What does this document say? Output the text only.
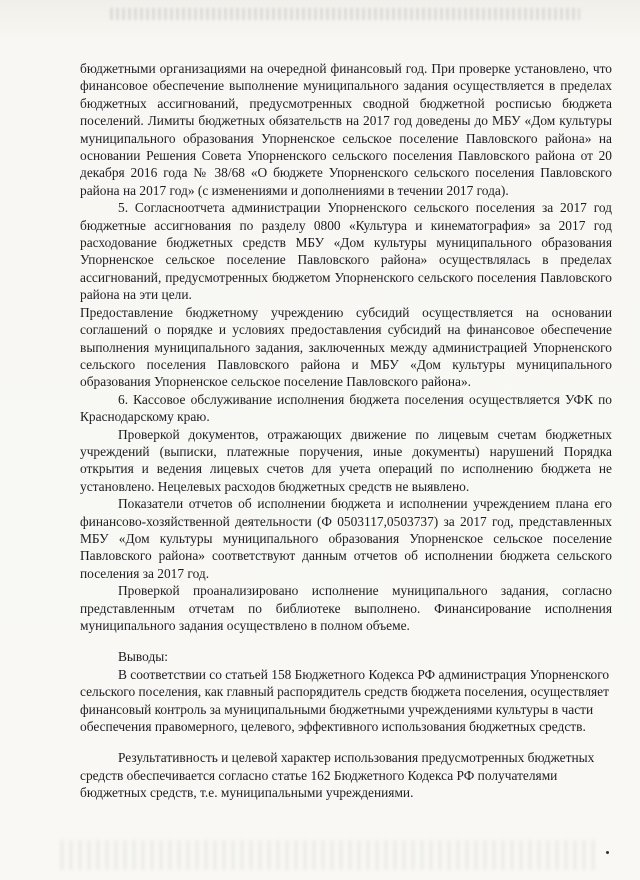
бюджетными организациями на очередной финансовый год. При проверке установлено, что финансовое обеспечение выполнение муниципального задания осуществляется в пределах бюджетных ассигнований, предусмотренных сводной бюджетной росписью бюджета поселений. Лимиты бюджетных обязательств на 2017 год доведены до МБУ «Дом культуры муниципального образования Упорненское сельское поселение Павловского района» на основании Решения Совета Упорненского сельского поселения Павловского района от 20 декабря 2016 года № 38/68 «О бюджете Упорненского сельского поселения Павловского района на 2017 год» (с изменениями и дополнениями в течении 2017 года).

5. Согласноотчета администрации Упорненского сельского поселения за 2017 год бюджетные ассигнования по разделу 0800 «Культура и кинематография» за 2017 год расходование бюджетных средств МБУ «Дом культуры муниципального образования Упорненское сельское поселение Павловского района» осуществлялась в пределах ассигнований, предусмотренных бюджетом Упорненского сельского поселения Павловского района на эти цели.

Предоставление бюджетному учреждению субсидий осуществляется на основании соглашений о порядке и условиях предоставления субсидий на финансовое обеспечение выполнения муниципального задания, заключенных между администрацией Упорненского сельского поселения Павловского района и МБУ «Дом культуры муниципального образования Упорненское сельское поселение Павловского района».

6. Кассовое обслуживание исполнения бюджета поселения осуществляется УФК по Краснодарскому краю.

Проверкой документов, отражающих движение по лицевым счетам бюджетных учреждений (выписки, платежные поручения, иные документы) нарушений Порядка открытия и ведения лицевых счетов для учета операций по исполнению бюджета не установлено. Нецелевых расходов бюджетных средств не выявлено.

Показатели отчетов об исполнении бюджета и исполнении учреждением плана его финансово-хозяйственной деятельности (Ф 0503117,0503737) за 2017 год, представленных МБУ «Дом культуры муниципального образования Упорненское сельское поселение Павловского района» соответствуют данным отчетов об исполнении бюджета сельского поселения за 2017 год.

Проверкой проанализировано исполнение муниципального задания, согласно представленным отчетам по библиотеке выполнено. Финансирование исполнения муниципального задания осуществлено в полном объеме.

Выводы:

В соответствии со статьей 158 Бюджетного Кодекса РФ администрация Упорненского сельского поселения, как главный распорядитель средств бюджета поселения, осуществляет финансовый контроль за муниципальными бюджетными учреждениями культуры в части обеспечения правомерного, целевого, эффективного использования бюджетных средств.

Результативность и целевой характер использования предусмотренных бюджетных средств обеспечивается согласно статье 162 Бюджетного Кодекса РФ получателями бюджетных средств, т.е. муниципальными учреждениями.
